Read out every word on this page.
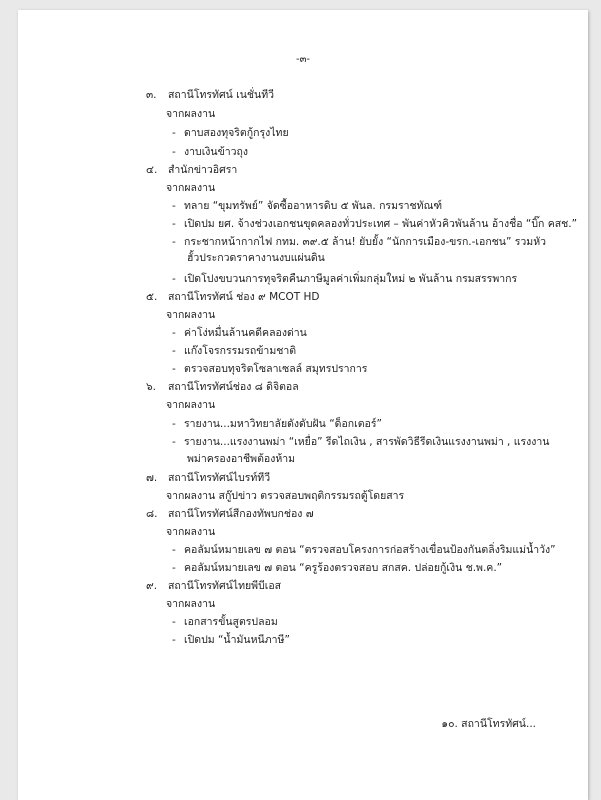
-๓-
๓. สถานีโทรทัศน์ เนชั่นทีวี
จากผลงาน
- ดาบสองทุจริตกู้กรุงไทย
- งาบเงินข้าวถุง
๔. สำนักข่าวอิศรา
จากผลงาน
- ทลาย “ขุมทรัพย์” จัดซื้ออาหารดิบ ๕ พันล. กรมราชทัณฑ์
- เปิดปม ยศ. จ้างช่วงเอกชนขุดคลองทั่วประเทศ – พันค่าหัวคิวพันล้าน อ้างชื่อ “บิ๊ก คสช.”
- กระชากหน้ากากไฟ กทม. ๓๙.๕ ล้าน! ยับยั้ง “นักการเมือง-ขรก.-เอกชน” รวมหัว
ฮั้วประกวดราคางานงบแผ่นดิน
- เปิดโปงขบวนการทุจริตคืนภาษีมูลค่าเพิ่มกลุ่มใหม่ ๒ พันล้าน กรมสรรพากร
๕. สถานีโทรทัศน์ ช่อง ๙ MCOT HD
จากผลงาน
- ค่าโง่หมื่นล้านคดีคลองด่าน
- แก๊งโจรกรรมรถข้ามชาติ
- ตรวจสอบทุจริตโซลาเซลล์ สมุทรปราการ
๖. สถานีโทรทัศน์ช่อง ๘ ดิจิตอล
จากผลงาน
- รายงาน...มหาวิทยาลัยดังดับฝัน “ด็อกเตอร์”
- รายงาน...แรงงานพม่า “เหยื่อ” รีดไถเงิน , สารพัดวิธีรีดเงินแรงงานพม่า , แรงงาน
พม่าครองอาชีพต้องห้าม
๗. สถานีโทรทัศน์ไบรท์ทีวี
จากผลงาน สกู๊ปข่าว ตรวจสอบพฤติกรรมรถตู้โดยสาร
๘. สถานีโทรทัศน์สีกองทัพบกช่อง ๗
จากผลงาน
- คอลัมน์หมายเลข ๗ ตอน “ตรวจสอบโครงการก่อสร้างเขื่อนป้องกันตลิ่งริมแม่น้ำวัง”
- คอลัมน์หมายเลข ๗ ตอน “ครูร้องตรวจสอบ สกสค. ปล่อยกู้เงิน ช.พ.ค.”
๙. สถานีโทรทัศน์ไทยพีบีเอส
จากผลงาน
- เอกสารขั้นสูตรปลอม
- เปิดปม “น้ำมันหนีภาษี”
๑๐. สถานีโทรทัศน์...
